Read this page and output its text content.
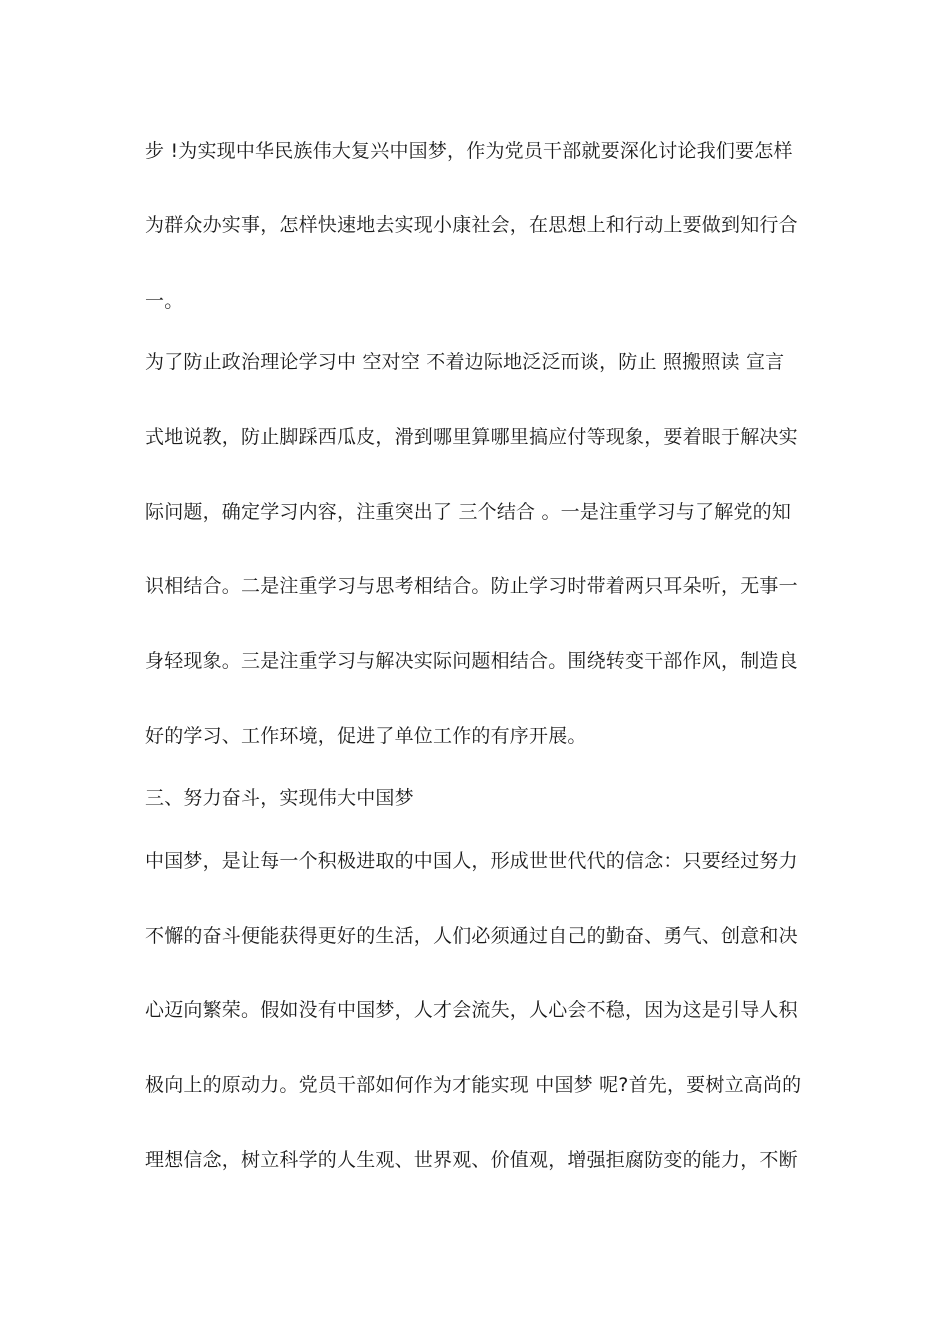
步 !为实现中华民族伟大复兴中国梦，作为党员干部就要深化讨论我们要怎样
为群众办实事，怎样快速地去实现小康社会，在思想上和行动上要做到知行合
一。
为了防止政治理论学习中 空对空 不着边际地泛泛而谈，防止 照搬照读 宣言
式地说教，防止脚踩西瓜皮，滑到哪里算哪里搞应付等现象，要着眼于解决实
际问题，确定学习内容，注重突出了 三个结合 。一是注重学习与了解党的知
识相结合。二是注重学习与思考相结合。防止学习时带着两只耳朵听，无事一
身轻现象。三是注重学习与解决实际问题相结合。围绕转变干部作风，制造良
好的学习、工作环境，促进了单位工作的有序开展。
三、努力奋斗，实现伟大中国梦
中国梦，是让每一个积极进取的中国人，形成世世代代的信念：只要经过努力
不懈的奋斗便能获得更好的生活，人们必须通过自己的勤奋、勇气、创意和决
心迈向繁荣。假如没有中国梦，人才会流失，人心会不稳，因为这是引导人积
极向上的原动力。党员干部如何作为才能实现 中国梦 呢?首先，要树立高尚的
理想信念，树立科学的人生观、世界观、价值观，增强拒腐防变的能力，不断
